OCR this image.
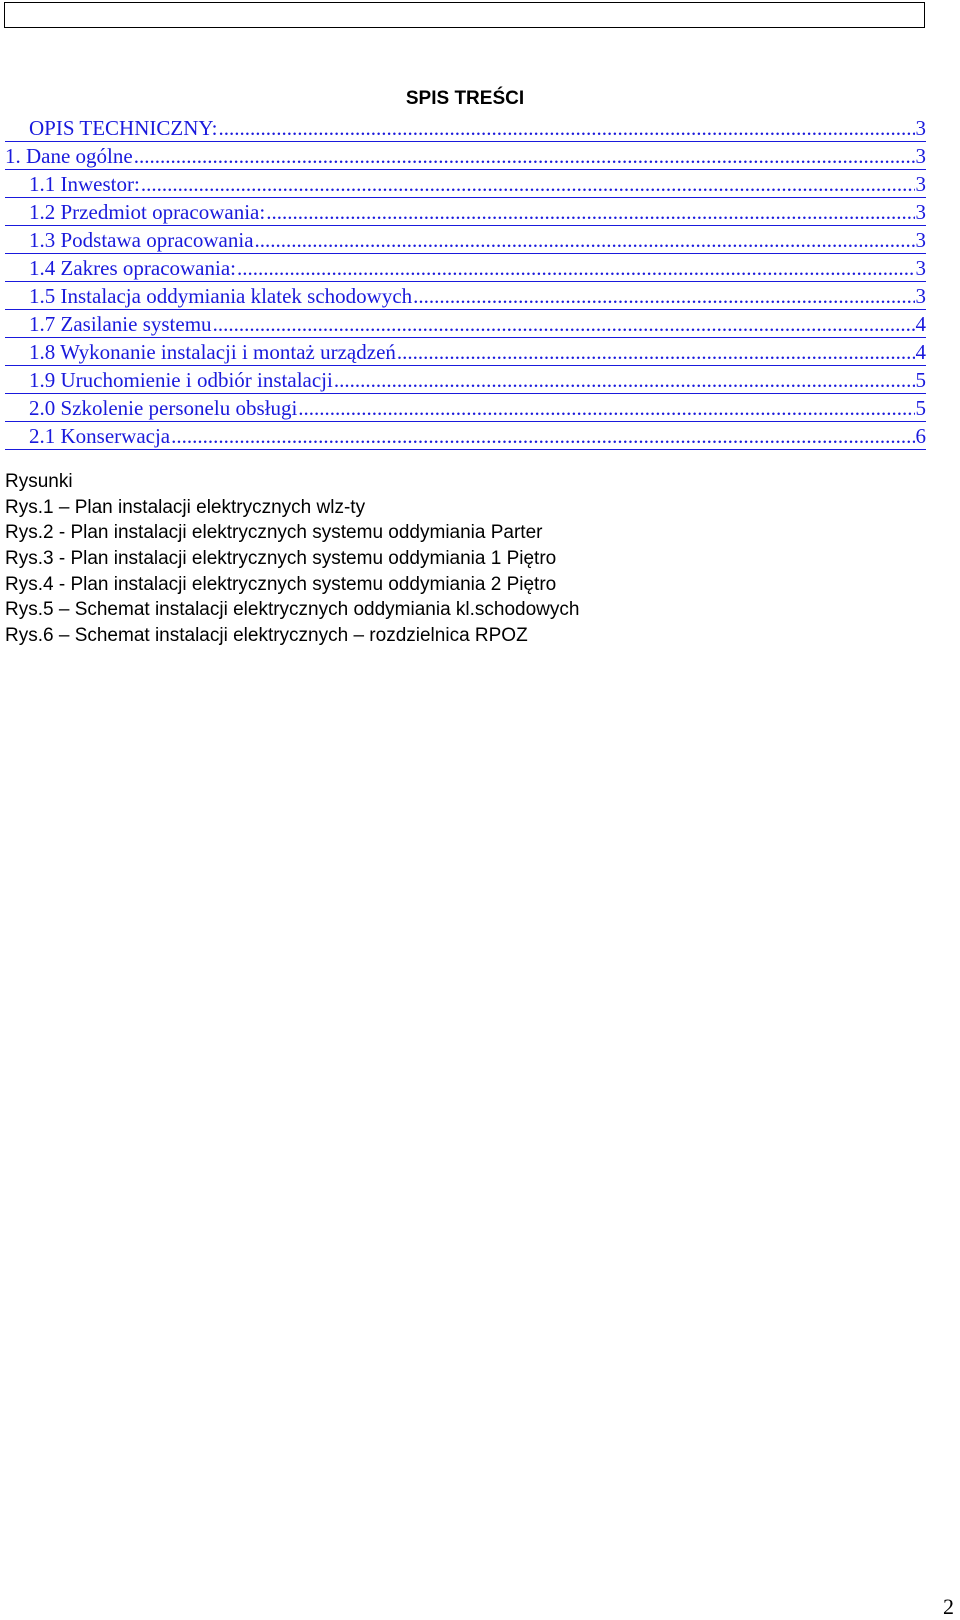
SPIS TREŚCI
OPIS TECHNICZNY: .....	3
1. Dane ogólne .....	3
1.1 Inwestor: .....	3
1.2 Przedmiot opracowania: .....	3
1.3 Podstawa opracowania .....	3
1.4 Zakres opracowania: .....	3
1.5 Instalacja oddymiania klatek schodowych .....	3
1.7 Zasilanie systemu .....	4
1.8 Wykonanie instalacji i montaż urządzeń .....	4
1.9 Uruchomienie i odbiór instalacji .....	5
2.0 Szkolenie personelu obsługi .....	5
2.1 Konserwacja .....	6
Rysunki
Rys.1 – Plan instalacji elektrycznych wlz-ty
Rys.2 - Plan instalacji elektrycznych systemu oddymiania Parter
Rys.3 - Plan instalacji elektrycznych systemu oddymiania 1 Piętro
Rys.4 - Plan instalacji elektrycznych systemu oddymiania 2 Piętro
Rys.5 – Schemat instalacji elektrycznych oddymiania kl.schodowych
Rys.6 – Schemat instalacji elektrycznych – rozdzielnica RPOZ
2
